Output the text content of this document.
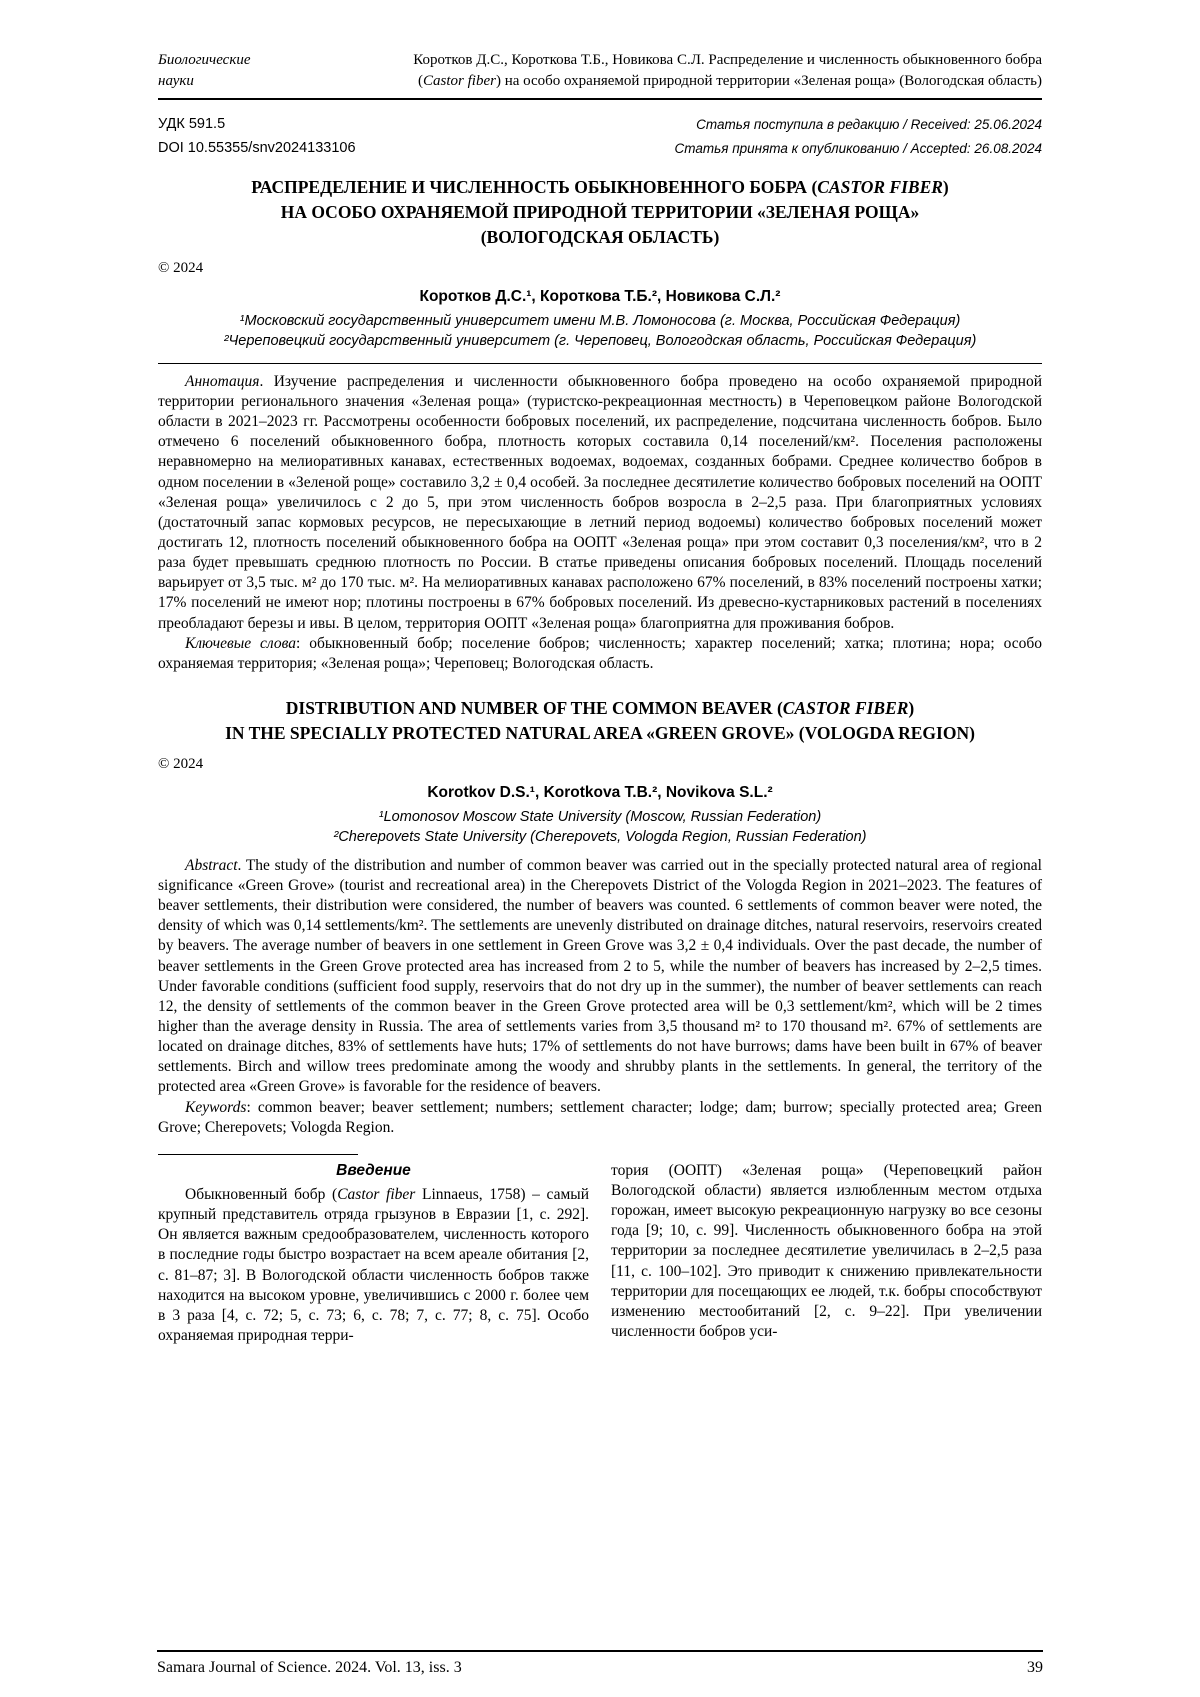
Биологические
науки
Коротков Д.С., Короткова Т.Б., Новикова С.Л. Распределение и численность обыкновенного бобра
(Castor fiber) на особо охраняемой природной территории «Зеленая роща» (Вологодская область)
УДК 591.5
DOI 10.55355/snv2024133106
Статья поступила в редакцию / Received: 25.06.2024
Статья принята к опубликованию / Accepted: 26.08.2024
РАСПРЕДЕЛЕНИЕ И ЧИСЛЕННОСТЬ ОБЫКНОВЕННОГО БОБРА (CASTOR FIBER)
НА ОСОБО ОХРАНЯЕМОЙ ПРИРОДНОЙ ТЕРРИТОРИИ «ЗЕЛЕНАЯ РОЩА»
(ВОЛОГОДСКАЯ ОБЛАСТЬ)
© 2024
Коротков Д.С.¹, Короткова Т.Б.², Новикова С.Л.²
¹Московский государственный университет имени М.В. Ломоносова (г. Москва, Российская Федерация)
²Череповецкий государственный университет (г. Череповец, Вологодская область, Российская Федерация)

Аннотация. Изучение распределения и численности обыкновенного бобра проведено на особо охраняемой природной территории регионального значения «Зеленая роща» (туристско-рекреационная местность) в Череповецком районе Вологодской области в 2021–2023 гг. Рассмотрены особенности бобровых поселений, их распределение, подсчитана численность бобров. Было отмечено 6 поселений обыкновенного бобра, плотность которых составила 0,14 поселений/км². Поселения расположены неравномерно на мелиоративных канавах, естественных водоемах, водоемах, созданных бобрами. Среднее количество бобров в одном поселении в «Зеленой роще» составило 3,2 ± 0,4 особей. За последнее десятилетие количество бобровых поселений на ООПТ «Зеленая роща» увеличилось с 2 до 5, при этом численность бобров возросла в 2–2,5 раза. При благоприятных условиях (достаточный запас кормовых ресурсов, не пересыхающие в летний период водоемы) количество бобровых поселений может достигать 12, плотность поселений обыкновенного бобра на ООПТ «Зеленая роща» при этом составит 0,3 поселения/км², что в 2 раза будет превышать среднюю плотность по России. В статье приведены описания бобровых поселений. Площадь поселений варьирует от 3,5 тыс. м² до 170 тыс. м². На мелиоративных канавах расположено 67% поселений, в 83% поселений построены хатки; 17% поселений не имеют нор; плотины построены в 67% бобровых поселений. Из древесно-кустарниковых растений в поселениях преобладают березы и ивы. В целом, территория ООПТ «Зеленая роща» благоприятна для проживания бобров.

Ключевые слова: обыкновенный бобр; поселение бобров; численность; характер поселений; хатка; плотина; нора; особо охраняемая территория; «Зеленая роща»; Череповец; Вологодская область.

DISTRIBUTION AND NUMBER OF THE COMMON BEAVER (CASTOR FIBER)
IN THE SPECIALLY PROTECTED NATURAL AREA «GREEN GROVE» (VOLOGDA REGION)
© 2024
Korotkov D.S.¹, Korotkova T.B.², Novikova S.L.²
¹Lomonosov Moscow State University (Moscow, Russian Federation)
²Cherepovets State University (Cherepovets, Vologda Region, Russian Federation)

Abstract. The study of the distribution and number of common beaver was carried out in the specially protected natural area of regional significance «Green Grove» (tourist and recreational area) in the Cherepovets District of the Vologda Region in 2021–2023. The features of beaver settlements, their distribution were considered, the number of beavers was counted. 6 settlements of common beaver were noted, the density of which was 0,14 settlements/km². The settlements are unevenly distributed on drainage ditches, natural reservoirs, reservoirs created by beavers. The average number of beavers in one settlement in Green Grove was 3,2 ± 0,4 individuals. Over the past decade, the number of beaver settlements in the Green Grove protected area has increased from 2 to 5, while the number of beavers has increased by 2–2,5 times. Under favorable conditions (sufficient food supply, reservoirs that do not dry up in the summer), the number of beaver settlements can reach 12, the density of settlements of the common beaver in the Green Grove protected area will be 0,3 settlement/km², which will be 2 times higher than the average density in Russia. The area of settlements varies from 3,5 thousand m² to 170 thousand m². 67% of settlements are located on drainage ditches, 83% of settlements have huts; 17% of settlements do not have burrows; dams have been built in 67% of beaver settlements. Birch and willow trees predominate among the woody and shrubby plants in the settlements. In general, the territory of the protected area «Green Grove» is favorable for the residence of beavers.

Keywords: common beaver; beaver settlement; numbers; settlement character; lodge; dam; burrow; specially protected area; Green Grove; Cherepovets; Vologda Region.

Введение

Обыкновенный бобр (Castor fiber Linnaeus, 1758) – самый крупный представитель отряда грызунов в Евразии [1, с. 292]. Он является важным средообразователем, численность которого в последние годы быстро возрастает на всем ареале обитания [2, с. 81–87; 3]. В Вологодской области численность бобров также находится на высоком уровне, увеличившись с 2000 г. более чем в 3 раза [4, с. 72; 5, с. 73; 6, с. 78; 7, с. 77; 8, с. 75]. Особо охраняемая природная терри-

тория (ООПТ) «Зеленая роща» (Череповецкий район Вологодской области) является излюбленным местом отдыха горожан, имеет высокую рекреационную нагрузку во все сезоны года [9; 10, с. 99]. Численность обыкновенного бобра на этой территории за последнее десятилетие увеличилась в 2–2,5 раза [11, с. 100–102]. Это приводит к снижению привлекательности территории для посещающих ее людей, т.к. бобры способствуют изменению местообитаний [2, с. 9–22]. При увеличении численности бобров уси-

Samara Journal of Science. 2024. Vol. 13, iss. 3	39
